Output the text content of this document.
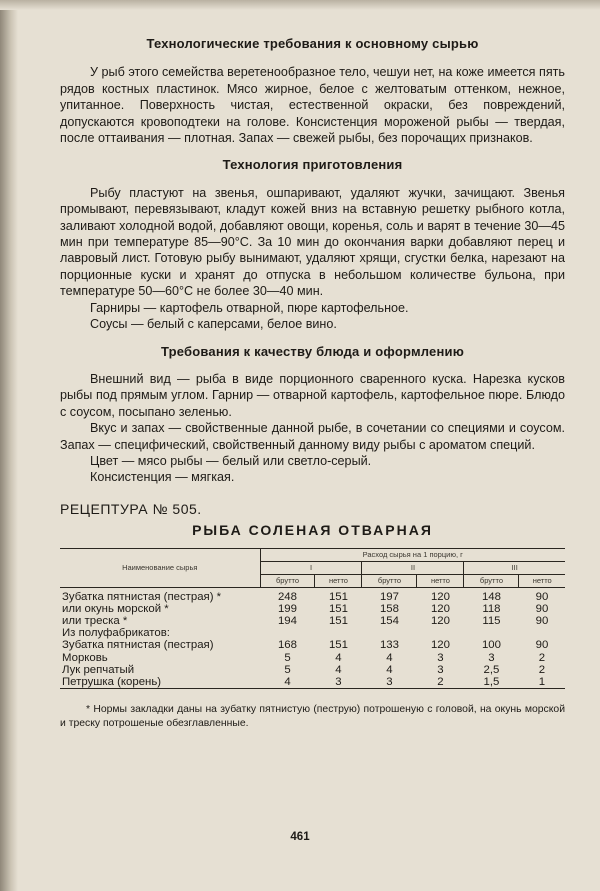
Технологические требования к основному сырью

У рыб этого семейства веретенообразное тело, чешуи нет, на коже имеется пять рядов костных пластинок. Мясо жирное, белое с желтоватым оттенком, нежное, упитанное. Поверхность чистая, естественной окраски, без повреждений, допускаются кровоподтеки на голове. Консистенция мороженой рыбы — твердая, после оттаивания — плотная. Запах — свежей рыбы, без порочащих признаков.

Технология приготовления

Рыбу пластуют на звенья, ошпаривают, удаляют жучки, зачищают. Звенья промывают, перевязывают, кладут кожей вниз на вставную решетку рыбного котла, заливают холодной водой, добавляют овощи, коренья, соль и варят в течение 30—45 мин при температуре 85—90°С. За 10 мин до окончания варки добавляют перец и лавровый лист. Готовую рыбу вынимают, удаляют хрящи, сгустки белка, нарезают на порционные куски и хранят до отпуска в небольшом количестве бульона, при температуре 50—60°С не более 30—40 мин.

Гарниры — картофель отварной, пюре картофельное.

Соусы — белый с каперсами, белое вино.

Требования к качеству блюда и оформлению

Внешний вид — рыба в виде порционного сваренного куска. Нарезка кусков рыбы под прямым углом. Гарнир — отварной картофель, картофельное пюре. Блюдо с соусом, посыпано зеленью.

Вкус и запах — свойственные данной рыбе, в сочетании со специями и соусом. Запах — специфический, свойственный данному виду рыбы с ароматом специй.

Цвет — мясо рыбы — белый или светло-серый.

Консистенция — мягкая.

РЕЦЕПТУРА № 505.
РЫБА СОЛЕНАЯ ОТВАРНАЯ
Наименование сырья	Расход сырья на 1 порцию, г					
	I		II		III	
	брутто	нетто	брутто	нетто	брутто	нетто
Зубатка пятнистая (пестрая) *	248	151	197	120	148	90
или окунь морской *	199	151	158	120	118	90
или треска *	194	151	154	120	115	90
Из полуфабрикатов:						
Зубатка пятнистая (пестрая)	168	151	133	120	100	90
Морковь	5	4	4	3	3	2
Лук репчатый	5	4	4	3	2,5	2
Петрушка (корень)	4	3	3	2	1,5	1

* Нормы закладки даны на зубатку пятнистую (пеструю) потрошеную с головой, на окунь морской и треску потрошеные обезглавленные.

461
